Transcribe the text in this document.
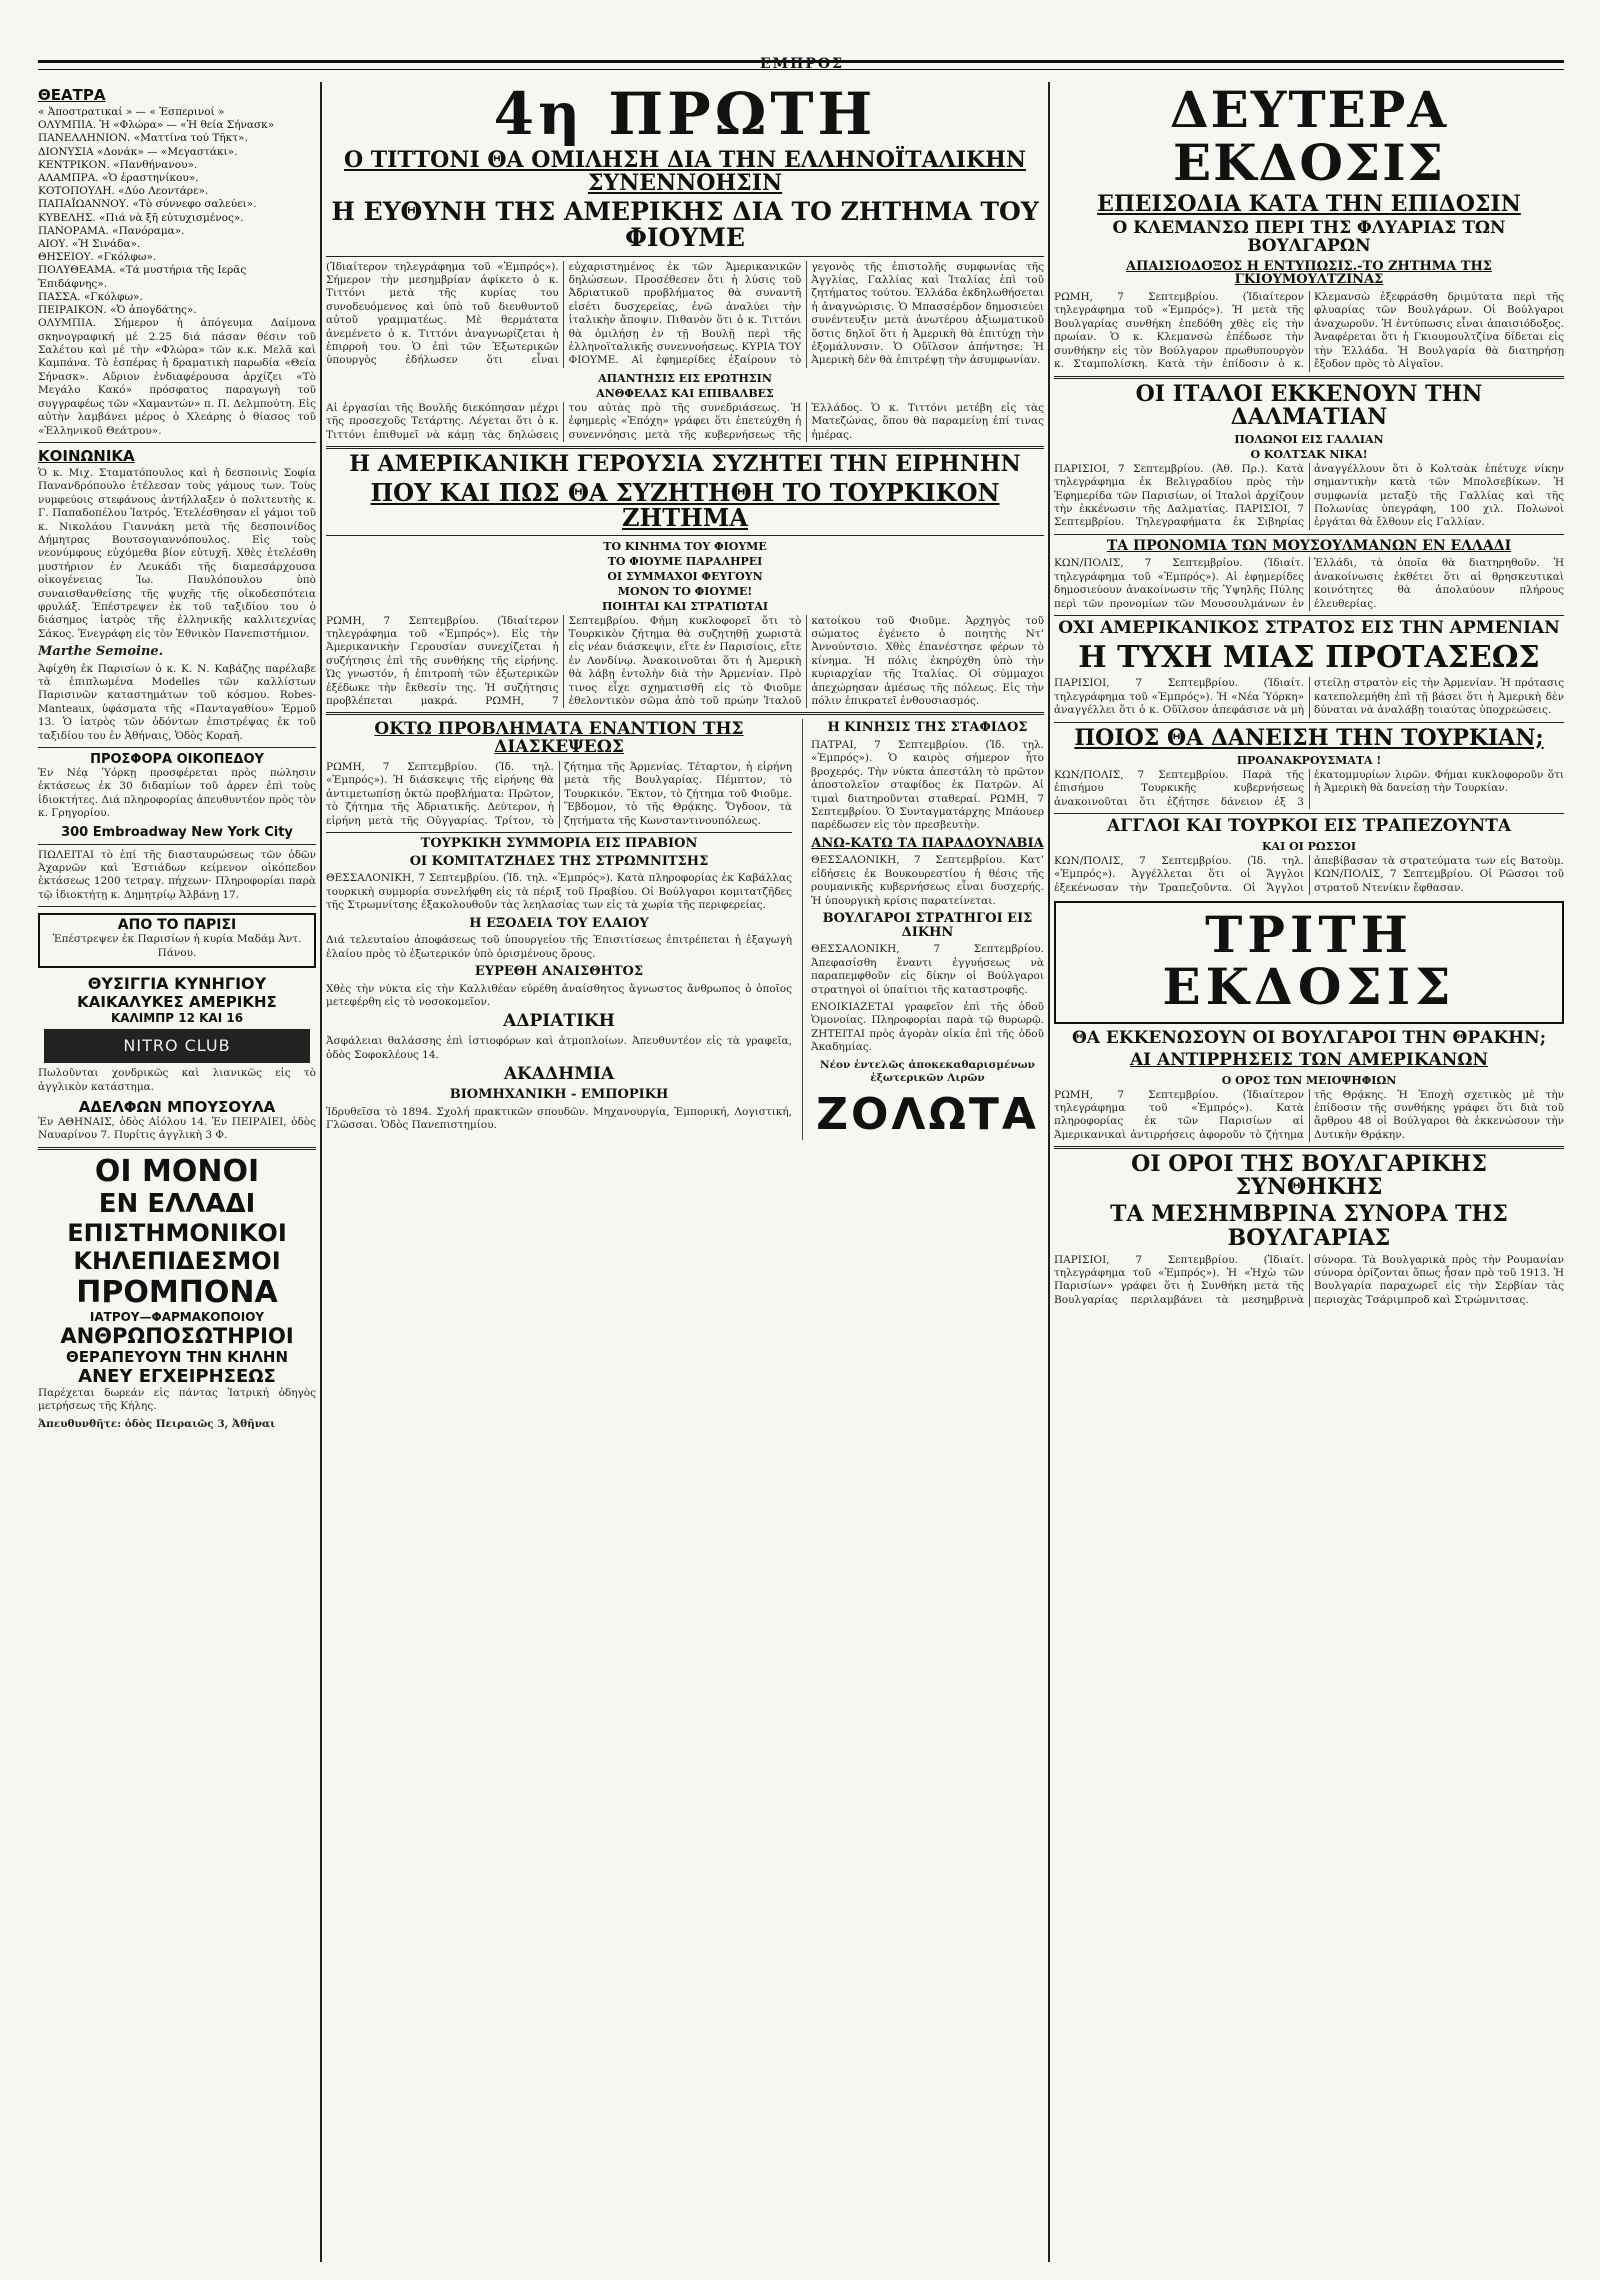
ΕΜΠΡΟΣ
ΘΕΑΤΡΑ

« Ἀποστρατικαί » — « Ἑσπερινοί »

ΟΛΥΜΠΙΑ. Ἡ «Φλώρα» — «Ἡ θεία Σήνασκ»

ΠΑΝΕΛΛΗΝΙΟΝ. «Ματτίνα τού Τῆκτ».

ΔΙΟΝΥΣΙΑ «Δονάκ» — «Μεγαστάκι».

ΚΕΝΤΡΙΚΟΝ. «Πανθήνανου».

ΑΛΑΜΠΡΑ. «Ὁ ἐραστηνίκου».

ΚΟΤΟΠΟΥΛΗ. «Δύο Λεοντάρε».

ΠΑΠΑΪΩΑΝΝΟΥ. «Τὸ σύννεφο σαλεύει».

ΚΥΒΕΛΗΣ. «Πιά νὰ ξῆ εὐτυχισμένος».

ΠΑΝΟΡΑΜΑ. «Πανόραμα».

ΑΙΟΥ. «Ἡ Σινάδα».

ΘΗΣΕΙΟΥ. «Γκόλφω».

ΠΟΛΥΘΕΑΜΑ. «Τά μυστήρια τῆς Ιερᾶς Ἐπιδάφνης».

ΠΑΣΣΑ. «Γκόλφω».

ΠΕΙΡΑΙΚΟΝ. «Ὁ ἀπογδάτης».

ΟΛΥΜΠΙΑ. Σήμερον ἡ ἀπόγευμα Δαίμονα σκηνογραφική μέ 2.25 διά πάσαν θέσιν τοῦ Σαλέτου καὶ μέ τὴν «Φλώρα» τῶν κ.κ. Μελᾶ καὶ Καμπάνα. Τὸ ἑσπέρας ἡ δραματικὴ παρωδία «Θεία Σήνασκ». Αὔριον ἐνδιαφέρουσα ἀρχίζει «Τὸ Μεγάλο Κακό» πρόσφατος παραγωγὴ τοῦ συγγραφέως τῶν «Χαμαντών» π. Π. Δελμπούτη. Εἰς αὐτὴν λαμβάνει μέρος ὁ Χλεάρης ὁ θίασος τοῦ «Ἑλληνικοῦ Θεάτρου».

ΚΟΙΝΩΝΙΚΑ

Ὁ κ. Μιχ. Σταματόπουλος καὶ ἡ δεσποινὶς Σοφία Πανανδρόπουλο ἑτέλεσαν τοὺς γάμους των. Τοὺς νυμφεύοις στεφάνους ἀντήλλαξεν ὁ πολιτευτὴς κ. Γ. Παπαδοπέλου Ἰατρός. Ἐτελέσθησαν εἰ γάμοι τοῦ κ. Νικολάου Γιαννάκη μετὰ τῆς δεσποινίδος Δήμητρας Βουτσογιαννόπουλος. Εἰς τοὺς νεονύμφους εὐχόμεθα βίον εὐτυχῆ. Χθὲς ἐτελέσθη μυστήριον ἐν Λευκάδι τῆς διαμεσάρχουσα οἰκογένειας Ἰω. Παυλόπουλου ὑπὸ συναισθανθείσης τῆς ψυχῆς τῆς οἰκοδεσπότεια φρυλάξ. Ἐπέστρεψεν ἐκ τοῦ ταξιδίου του ὁ διάσημος ἰατρὸς τῆς ἐλληνικῆς καλλιτεχνίας Σάκος. Ἐνεγράφη εἰς τὸν Ἑθνικὸν Πανεπιστήμιον.

Marthe Semoine.

Ἀφίχθη ἐκ Παρισίων ὁ κ. Κ. Ν. Καβάζης παρέλαβε τὰ ἐπιπλωμένα Modelles τῶν καλλίστων Παρισινῶν καταστημάτων τοῦ κόσμου. Robes-Manteaux, ὑφάσματα τῆς «Πανταγαθίου» Ἑρμοῦ 13. Ὁ ἰατρὸς τῶν ὀδόντων ἐπιστρέψας ἐκ τοῦ ταξιδίου του ἐν Ἀθήναις, Ὁδὸς Κοραῆ.

ΠΡΟΣΦΟΡΑ ΟΙΚΟΠΕΔΟΥ

Ἐν Νέᾳ Ὑόρκῃ προσφέρεται πρὸς πώλησιν ἐκτάσεως ἐκ 30 διδαμίων τοῦ ἀρρεν ἐπὶ τοὺς ἰδιοκτήτες. Διά πληροφορίας ἀπευθυντέον πρὸς τὸν κ. Γρηγορίου.

300 Embroadway New York City

ΠΩΛΕΙΤΑΙ τὸ ἐπί τῆς διασταυρώσεως τῶν ὁδῶν Ἀχαρνῶν καὶ Ἐστιάδων κείμενον οἰκόπεδον ἐκτάσεως 1200 τετραγ. πήχεων· Πληροφορίαι παρὰ τῷ ἰδιοκτήτῃ κ. Δημητρίῳ Ἀλβάνῃ 17.

ΑΠΟ ΤΟ ΠΑΡΙΣΙ

Ἐπέστρεψεν ἐκ Παρισίων ἡ κυρία Μαδάμ Ἀντ. Πάνου.

ΘΥΣΙΓΓΙΑ ΚΥΝΗΓΙΟΥ
ΚΑΙΚΑΛΥΚΕΣ ΑΜΕΡΙΚΗΣ
ΚΑΛΙΜΠΡ 12 ΚΑΙ 16
NITRO CLUB

Πωλοῦνται χονδρικῶς καὶ λιανικῶς εἰς τὸ ἀγγλικὸν κατάστημα.

ΑΔΕΛΦΩΝ ΜΠΟΥΣΟΥΛΑ

Ἐν ΑΘΗΝΑΙΣ, ὁδὸς Αἰόλου 14. Ἐν ΠΕΙΡΑΙΕΙ, ὁδὸς Ναυαρίνου 7. Πυρίτις ἀγγλικὴ 3 Φ.

ΟΙ ΜΟΝΟΙ
ΕΝ ΕΛΛΑΔΙ
ΕΠΙΣΤΗΜΟΝΙΚΟΙ
ΚΗΛΕΠΙΔΕΣΜΟΙ
ΠΡΟΜΠΟΝΑ
ΙΑΤΡΟΥ—ΦΑΡΜΑΚΟΠΟΙΟΥ
ΑΝΘΡΩΠΟΣΩΤΗΡΙΟΙ
ΘΕΡΑΠΕΥΟΥΝ ΤΗΝ ΚΗΛΗΝ
ΑΝΕΥ ΕΓΧΕΙΡΗΣΕΩΣ

Παρέχεται δωρεάν εἰς πάντας Ἰατρική ὁδηγὸς μετρήσεως τῆς Κήλης.

Ἀπευθυνθῆτε: ὁδὸς Πειραιῶς 3, Ἀθῆναι

4η ΠΡΩΤΗ
Ο ΤΙΤΤΟΝΙ ΘΑ ΟΜΙΛΗΣΗ ΔΙΑ ΤΗΝ ΕΛΛΗΝΟΪΤΑΛΙΚΗΝ ΣΥΝΕΝΝΟΗΣΙΝ
Η ΕΥΘΥΝΗ ΤΗΣ ΑΜΕΡΙΚΗΣ ΔΙΑ ΤΟ ΖΗΤΗΜΑ ΤΟΥ ΦΙΟΥΜΕ

(Ἰδιαίτερον τηλεγράφημα τοῦ «Ἐμπρός»). Σήμερον τὴν μεσημβρίαν ἀφίκετο ὁ κ. Τιττόνι μετὰ τῆς κυρίας του συνοδευόμενος καὶ ὑπὸ τοῦ διευθυντοῦ αὐτοῦ γραμματέως. Μὲ θερμάτατα ἀνεμένετο ὁ κ. Τιττόνι ἀναγνωρίζεται ἡ ἐπιρροὴ του. Ὁ ἐπὶ τῶν Ἐξωτερικῶν ὑπουργὸς ἐδήλωσεν ὅτι εἶναι εὐχαριστημένος ἐκ τῶν Ἀμερικανικῶν δηλώσεων. Προσέθεσεν ὅτι ἡ λύσις τοῦ Ἀδριατικοῦ προβλήματος θὰ συναντῆ εἰσέτι δυσχερείας, ἐνῶ ἀναλύει τὴν ἰταλικὴν ἄποψιν. Πιθανὸν ὅτι ὁ κ. Τιττόνι θὰ ὁμιλήσῃ ἐν τῇ Βουλῇ περὶ τῆς ἑλληνοϊταλικῆς συνεννοήσεως. ΚΥΡΙΑ ΤΟΥ ΦΙΟΥΜΕ. Αἱ ἐφημερίδες ἐξαίρουν τὸ γεγονὸς τῆς ἐπιστολῆς συμφωνίας τῆς Ἀγγλίας, Γαλλίας καὶ Ἰταλίας ἐπὶ τοῦ ζητήματος τούτου. Ἑλλάδα ἐκδηλωθήσεται ἡ ἀναγνώρισις. Ὁ Μπασσέρδον δημοσιεύει συνέντευξιν μετὰ ἀνωτέρου ἀξιωματικοῦ ὅστις δηλοῖ ὅτι ἡ Ἀμερικὴ θὰ ἐπιτύχῃ τὴν ἐξομάλυνσιν. Ὁ Οὔϊλσον ἀπήντησε: Ἡ Ἀμερικὴ δὲν θὰ ἐπιτρέψῃ τὴν ἀσυμφωνίαν.

ΑΠΑΝΤΗΣΙΣ ΕΙΣ ΕΡΩΤΗΣΙΝ
ΑΝΘΦΕΛΑΣ ΚΑΙ ΕΠΙΒΑΛΒΕΣ

Αἱ ἐργασίαι τῆς Βουλῆς διεκόπησαν μέχρι τῆς προσεχοῦς Τετάρτης. Λέγεται ὅτι ὁ κ. Τιττόνι ἐπιθυμεῖ νὰ κάμῃ τὰς δηλώσεις του αὐτὰς πρὸ τῆς συνεδριάσεως. Ἡ ἐφημερὶς «Ἐπόχη» γράφει ὅτι ἐπετεύχθη ἡ συνεννόησις μετὰ τῆς κυβερνήσεως τῆς Ἑλλάδος. Ὁ κ. Τιττόνι μετέβη εἰς τὰς Ματεζώνας, ὅπου θὰ παραμείνῃ ἐπί τινας ἡμέρας.

Η ΑΜΕΡΙΚΑΝΙΚΗ ΓΕΡΟΥΣΙΑ ΣΥΖΗΤΕΙ ΤΗΝ ΕΙΡΗΝΗΝ
ΠΟΥ ΚΑΙ ΠΩΣ ΘΑ ΣΥΖΗΤΗΘΗ ΤΟ ΤΟΥΡΚΙΚΟΝ ΖΗΤΗΜΑ
ΤΟ ΚΙΝΗΜΑ ΤΟΥ ΦΙΟΥΜΕ
ΤΟ ΦΙΟΥΜΕ ΠΑΡΑΛΗΡΕΙ
ΟΙ ΣΥΜΜΑΧΟΙ ΦΕΥΓΟΥΝ
ΜΟΝΟΝ ΤΟ ΦΙΟΥΜΕ!
ΠΟΙΗΤΑΙ ΚΑΙ ΣΤΡΑΤΙΩΤΑΙ

ΡΩΜΗ, 7 Σεπτεμβρίου. (Ἰδιαίτερον τηλεγράφημα τοῦ «Ἐμπρός»). Εἰς τὴν Ἀμερικανικὴν Γερουσίαν συνεχίζεται ἡ συζήτησις ἐπὶ τῆς συνθήκης τῆς εἰρήνης. Ὡς γνωστόν, ἡ ἐπιτροπὴ τῶν ἐξωτερικῶν ἐξέδωκε τὴν ἔκθεσίν της. Ἡ συζήτησις προβλέπεται μακρά. ΡΩΜΗ, 7 Σεπτεμβρίου. Φήμη κυκλοφορεῖ ὅτι τὸ Τουρκικὸν ζήτημα θὰ συζητηθῇ χωριστὰ εἰς νέαν διάσκεψιν, εἴτε ἐν Παρισίοις, εἴτε ἐν Λονδίνῳ. Ἀνακοινοῦται ὅτι ἡ Ἀμερικὴ θὰ λάβῃ ἐντολὴν διὰ τὴν Ἀρμενίαν. Πρὸ τινος εἶχε σχηματισθῆ εἰς τὸ Φιοῦμε ἐθελοντικὸν σῶμα ἀπὸ τοῦ πρώην Ἰταλοῦ κατοίκου τοῦ Φιοῦμε. Ἀρχηγὸς τοῦ σώματος ἐγένετο ὁ ποιητὴς Ντ’ Ἀννούντσιο. Χθὲς ἐπανέστησε φέρων τὸ κίνημα. Ἡ πόλις ἐκηρύχθη ὑπὸ τὴν κυριαρχίαν τῆς Ἰταλίας. Οἱ σύμμαχοι ἀπεχώρησαν ἀμέσως τῆς πόλεως. Εἰς τὴν πόλιν ἐπικρατεῖ ἐνθουσιασμός.

ΟΚΤΩ ΠΡΟΒΛΗΜΑΤΑ ΕΝΑΝΤΙΟΝ ΤΗΣ ΔΙΑΣΚΕΨΕΩΣ

ΡΩΜΗ, 7 Σεπτεμβρίου. (Ἰδ. τηλ. «Ἐμπρός»). Ἡ διάσκεψις τῆς εἰρήνης θὰ ἀντιμετωπίσῃ ὀκτὼ προβλήματα: Πρῶτον, τὸ ζήτημα τῆς Ἀδριατικῆς. Δεύτερον, ἡ εἰρήνη μετὰ τῆς Οὐγγαρίας. Τρίτον, τὸ ζήτημα τῆς Ἀρμενίας. Τέταρτον, ἡ εἰρήνη μετὰ τῆς Βουλγαρίας. Πέμπτον, τὸ Τουρκικόν. Ἕκτον, τὸ ζήτημα τοῦ Φιοῦμε. Ἕβδομον, τὸ τῆς Θρᾴκης. Ὄγδοον, τὰ ζητήματα τῆς Κωνσταντινουπόλεως.

ΤΟΥΡΚΙΚΗ ΣΥΜΜΟΡΙΑ ΕΙΣ ΠΡΑΒΙΟΝ
ΟΙ ΚΟΜΙΤΑΤΖΗΔΕΣ ΤΗΣ ΣΤΡΩΜΝΙΤΣΗΣ

ΘΕΣΣΑΛΟΝΙΚΗ, 7 Σεπτεμβρίου. (Ἰδ. τηλ. «Ἐμπρός»). Κατὰ πληροφορίας ἐκ Καβάλλας τουρκικὴ συμμορία συνελήφθη εἰς τὰ πέριξ τοῦ Πραβίου. Οἱ Βούλγαροι κομιτατζῆδες τῆς Στρωμνίτσης ἐξακολουθοῦν τὰς λεηλασίας των εἰς τὰ χωρία τῆς περιφερείας.

Η ΕΞΟΔΕΙΑ ΤΟΥ ΕΛΑΙΟΥ

Διά τελευταίου ἀποφάσεως τοῦ ὑπουργείου τῆς Ἐπισιτίσεως ἐπιτρέπεται ἡ ἐξαγωγὴ ἐλαίου πρὸς τὸ ἐξωτερικόν ὑπὸ ὁρισμένους ὅρους.

ΕΥΡΕΘΗ ΑΝΑΙΣΘΗΤΟΣ

Χθὲς τὴν νύκτα εἰς τὴν Καλλιθέαν εὑρέθη ἀναίσθητος ἄγνωστος ἄνθρωπος ὁ ὁποῖος μετεφέρθη εἰς τὸ νοσοκομεῖον.

ΑΔΡΙΑΤΙΚΗ

Ἀσφάλειαι θαλάσσης ἐπὶ ἰστιοφόρων καὶ ἀτμοπλοίων. Ἀπευθυντέον εἰς τὰ γραφεῖα, ὁδὸς Σοφοκλέους 14.

ΑΚΑΔΗΜΙΑ
ΒΙΟΜΗΧΑΝΙΚΗ - ΕΜΠΟΡΙΚΗ

Ἱδρυθεῖσα τὸ 1894. Σχολή πρακτικῶν σπουδῶν. Μηχανουργία, Ἐμπορική, Λογιστική, Γλῶσσαι. Ὁδὸς Πανεπιστημίου.

Η ΚΙΝΗΣΙΣ ΤΗΣ ΣΤΑΦΙΔΟΣ

ΠΑΤΡΑΙ, 7 Σεπτεμβρίου. (Ἰδ. τηλ. «Ἐμπρός»). Ὁ καιρὸς σήμερον ἦτο βροχερός. Τὴν νύκτα ἀπεστάλη τὸ πρῶτον ἀποστολεῖον σταφίδος ἐκ Πατρῶν. Αἱ τιμαὶ διατηροῦνται σταθεραί. ΡΩΜΗ, 7 Σεπτεμβρίου. Ὁ Συνταγματάρχης Μπάουερ παρέδωσεν εἰς τὸν πρεσβευτὴν.

ΑΝΩ-ΚΑΤΩ ΤΑ ΠΑΡΑΔΟΥΝΑΒΙΑ

ΘΕΣΣΑΛΟΝΙΚΗ, 7 Σεπτεμβρίου. Κατ’ εἰδήσεις ἐκ Βουκουρεστίου ἡ θέσις τῆς ρουμανικῆς κυβερνήσεως εἶναι δυσχερής. Ἡ ὑπουργικὴ κρίσις παρατείνεται.

ΒΟΥΛΓΑΡΟΙ ΣΤΡΑΤΗΓΟΙ ΕΙΣ ΔΙΚΗΝ

ΘΕΣΣΑΛΟΝΙΚΗ, 7 Σεπτεμβρίου. Ἀπεφασίσθη ἔναντι ἐγγυήσεως νὰ παραπεμφθοῦν εἰς δίκην οἱ Βούλγαροι στρατηγοὶ οἱ ὑπαίτιοι τῆς καταστροφῆς.

ΕΝΟΙΚΙΑΖΕΤΑΙ γραφεῖον ἐπὶ τῆς ὁδοῦ Ὁμονοίας. Πληροφορίαι παρὰ τῷ θυρωρῷ. ΖΗΤΕΙΤΑΙ πρὸς ἀγορὰν οἰκία ἐπὶ τῆς ὁδοῦ Ἀκαδημίας.

Νέον ἐντελῶς ἀποκεκαθαρισμένων ἐξωτερικῶν Λιρῶν

ΖΟΛΩΤΑ
ΔΕΥΤΕΡΑ ΕΚΔΟΣΙΣ
ΕΠΕΙΣΟΔΙΑ ΚΑΤΑ ΤΗΝ ΕΠΙΔΟΣΙΝ
Ο ΚΛΕΜΑΝΣΩ ΠΕΡΙ ΤΗΣ ΦΛΥΑΡΙΑΣ ΤΩΝ ΒΟΥΛΓΑΡΩΝ
ΑΠΑΙΣΙΟΔΟΞΟΣ Η ΕΝΤΥΠΩΣΙΣ.-ΤΟ ΖΗΤΗΜΑ ΤΗΣ ΓΚΙΟΥΜΟΥΛΤΖΙΝΑΣ

ΡΩΜΗ, 7 Σεπτεμβρίου. (Ἰδιαίτερον τηλεγράφημα τοῦ «Ἐμπρός»). Ἡ μετὰ τῆς Βουλγαρίας συνθήκη ἐπεδόθη χθὲς εἰς τὴν πρωίαν. Ὁ κ. Κλεμανσὼ ἐπέδωσε τὴν συνθήκην εἰς τὸν Βούλγαρον πρωθυπουργὸν κ. Σταμπολίσκη. Κατὰ τὴν ἐπίδοσιν ὁ κ. Κλεμανσὼ ἐξεφράσθη δριμύτατα περὶ τῆς φλυαρίας τῶν Βουλγάρων. Οἱ Βούλγαροι ἀναχωροῦν. Ἡ ἐντύπωσις εἶναι ἀπαισιόδοξος. Ἀναφέρεται ὅτι ἡ Γκιουμουλτζίνα δίδεται εἰς τὴν Ἑλλάδα. Ἡ Βουλγαρία θὰ διατηρήσῃ ἔξοδον πρὸς τὸ Αἰγαῖον.

ΟΙ ΙΤΑΛΟΙ ΕΚΚΕΝΟΥΝ ΤΗΝ ΔΑΛΜΑΤΙΑΝ
ΠΟΛΩΝΟΙ ΕΙΣ ΓΑΛΛΙΑΝ
Ο ΚΟΛΤΣΑΚ ΝΙΚΑ!

ΠΑΡΙΣΙΟΙ, 7 Σεπτεμβρίου. (Ἀθ. Πρ.). Κατὰ τηλεγράφημα ἐκ Βελιγραδίου πρὸς τὴν Ἐφημερίδα τῶν Παρισίων, οἱ Ἰταλοὶ ἀρχίζουν τὴν ἐκκένωσιν τῆς Δαλματίας. ΠΑΡΙΣΙΟΙ, 7 Σεπτεμβρίου. Τηλεγραφήματα ἐκ Σιβηρίας ἀναγγέλλουν ὅτι ὁ Κολτσὰκ ἐπέτυχε νίκην σημαντικὴν κατὰ τῶν Μπολσεβίκων. Ἡ συμφωνία μεταξὺ τῆς Γαλλίας καὶ τῆς Πολωνίας ὑπεγράφη, 100 χιλ. Πολωνοὶ ἐργάται θὰ ἔλθουν εἰς Γαλλίαν.

ΤΑ ΠΡΟΝΟΜΙΑ ΤΩΝ ΜΟΥΣΟΥΛΜΑΝΩΝ ΕΝ ΕΛΛΑΔΙ

ΚΩΝ/ΠΟΛΙΣ, 7 Σεπτεμβρίου. (Ἰδιαίτ. τηλεγράφημα τοῦ «Ἐμπρός»). Αἱ ἐφημερίδες δημοσιεύουν ἀνακοίνωσιν τῆς Ὑψηλῆς Πύλης περὶ τῶν προνομίων τῶν Μουσουλμάνων ἐν Ἑλλάδι, τὰ ὁποῖα θὰ διατηρηθοῦν. Ἡ ἀνακοίνωσις ἐκθέτει ὅτι αἱ θρησκευτικαὶ κοινότητες θὰ ἀπολαύουν πλήρους ἐλευθερίας.

ΟΧΙ ΑΜΕΡΙΚΑΝΙΚΟΣ ΣΤΡΑΤΟΣ ΕΙΣ ΤΗΝ ΑΡΜΕΝΙΑΝ
Η ΤΥΧΗ ΜΙΑΣ ΠΡΟΤΑΣΕΩΣ

ΠΑΡΙΣΙΟΙ, 7 Σεπτεμβρίου. (Ἰδιαίτ. τηλεγράφημα τοῦ «Ἐμπρός»). Ἡ «Νέα Ὑόρκη» ἀναγγέλλει ὅτι ὁ κ. Οὔϊλσον ἀπεφάσισε νὰ μὴ στείλῃ στρατὸν εἰς τὴν Ἀρμενίαν. Ἡ πρότασις κατεπολεμήθη ἐπὶ τῇ βάσει ὅτι ἡ Ἀμερικὴ δὲν δύναται νὰ ἀναλάβῃ τοιαύτας ὑποχρεώσεις.

ΠΟΙΟΣ ΘΑ ΔΑΝΕΙΣΗ ΤΗΝ ΤΟΥΡΚΙΑΝ;
ΠΡΟΑΝΑΚΡΟΥΣΜΑΤΑ !

ΚΩΝ/ΠΟΛΙΣ, 7 Σεπτεμβρίου. Παρὰ τῆς ἐπισήμου Τουρκικῆς κυβερνήσεως ἀνακοινοῦται ὅτι ἐζήτησε δάνειον ἐξ 3 ἑκατομμυρίων λιρῶν. Φήμαι κυκλοφοροῦν ὅτι ἡ Ἀμερικὴ θὰ δανείσῃ τὴν Τουρκίαν.

ΑΓΓΛΟΙ ΚΑΙ ΤΟΥΡΚΟΙ ΕΙΣ ΤΡΑΠΕΖΟΥΝΤΑ
ΚΑΙ ΟΙ ΡΩΣΣΟΙ

ΚΩΝ/ΠΟΛΙΣ, 7 Σεπτεμβρίου. (Ἰδ. τηλ. «Ἐμπρός»). Ἀγγέλλεται ὅτι οἱ Ἄγγλοι ἐξεκένωσαν τὴν Τραπεζοῦντα. Οἱ Ἄγγλοι ἀπεβίβασαν τὰ στρατεύματα των εἰς Βατοὺμ. ΚΩΝ/ΠΟΛΙΣ, 7 Σεπτεμβρίου. Οἱ Ρῶσσοι τοῦ στρατοῦ Ντενίκιν ἔφθασαν.

ΤΡΙΤΗ ΕΚΔΟΣΙΣ
ΘΑ ΕΚΚΕΝΩΣΟΥΝ ΟΙ ΒΟΥΛΓΑΡΟΙ ΤΗΝ ΘΡΑΚΗΝ;
ΑΙ ΑΝΤΙΡΡΗΣΕΙΣ ΤΩΝ ΑΜΕΡΙΚΑΝΩΝ
Ο ΟΡΟΣ ΤΩΝ ΜΕΙΟΨΗΦΙΩΝ

ΡΩΜΗ, 7 Σεπτεμβρίου. (Ἰδιαίτερον τηλεγράφημα τοῦ «Ἐμπρός»). Κατὰ πληροφορίας ἐκ τῶν Παρισίων αἱ Ἀμερικανικαὶ ἀντιρρήσεις ἀφοροῦν τὸ ζήτημα τῆς Θρᾴκης. Ἡ Ἐποχὴ σχετικὸς μὲ τὴν ἐπίδοσιν τῆς συνθήκης γράφει ὅτι διὰ τοῦ ἄρθρου 48 οἱ Βούλγαροι θὰ ἐκκενώσουν τὴν Δυτικὴν Θρᾴκην.

ΟΙ ΟΡΟΙ ΤΗΣ ΒΟΥΛΓΑΡΙΚΗΣ ΣΥΝΘΗΚΗΣ
ΤΑ ΜΕΣΗΜΒΡΙΝΑ ΣΥΝΟΡΑ ΤΗΣ ΒΟΥΛΓΑΡΙΑΣ

ΠΑΡΙΣΙΟΙ, 7 Σεπτεμβρίου. (Ἰδιαίτ. τηλεγράφημα τοῦ «Ἐμπρός»). Ἡ «Ἠχὼ τῶν Παρισίων» γράφει ὅτι ἡ Συνθήκη μετὰ τῆς Βουλγαρίας περιλαμβάνει τὰ μεσημβρινὰ σύνορα. Τὰ Βουλγαρικὰ πρὸς τὴν Ρουμανίαν σύνορα ὁρίζονται ὅπως ἦσαν πρὸ τοῦ 1913. Ἡ Βουλγαρία παραχωρεῖ εἰς τὴν Σερβίαν τὰς περιοχὰς Τσάριμπροδ καὶ Στρώμνιτσας.
